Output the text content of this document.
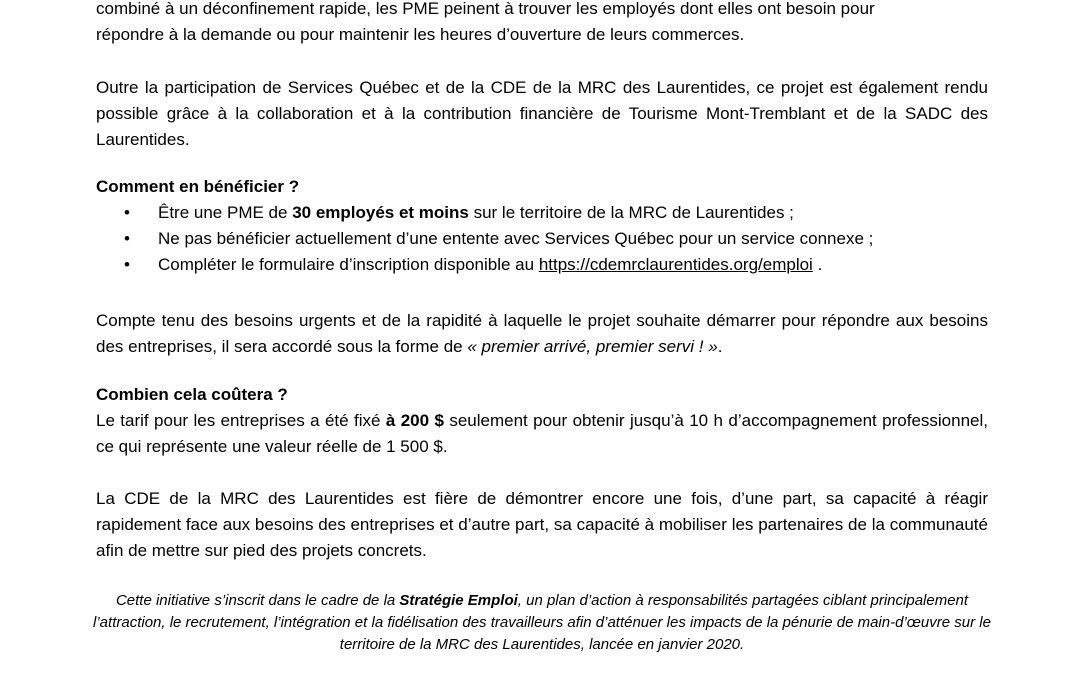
combiné à un déconfinement rapide, les PME peinent à trouver les employés dont elles ont besoin pour

répondre à la demande ou pour maintenir les heures d’ouverture de leurs commerces.

Outre la participation de Services Québec et de la CDE de la MRC des Laurentides, ce projet est également rendu possible grâce à la collaboration et à la contribution financière de Tourisme Mont-Tremblant et de la SADC des Laurentides.

Comment en bénéficier ?

• Être une PME de 30 employés et moins sur le territoire de la MRC de Laurentides ;
• Ne pas bénéficier actuellement d’une entente avec Services Québec pour un service connexe ;
• Compléter le formulaire d’inscription disponible au https://cdemrclaurentides.org/emploi .

Compte tenu des besoins urgents et de la rapidité à laquelle le projet souhaite démarrer pour répondre aux besoins des entreprises, il sera accordé sous la forme de « premier arrivé, premier servi ! ».

Combien cela coûtera ?

Le tarif pour les entreprises a été fixé à 200 $ seulement pour obtenir jusqu’à 10 h d’accompagnement professionnel, ce qui représente une valeur réelle de 1 500 $.

La CDE de la MRC des Laurentides est fière de démontrer encore une fois, d’une part, sa capacité à réagir rapidement face aux besoins des entreprises et d’autre part, sa capacité à mobiliser les partenaires de la communauté afin de mettre sur pied des projets concrets.

Cette initiative s’inscrit dans le cadre de la Stratégie Emploi, un plan d’action à responsabilités partagées ciblant principalement l’attraction, le recrutement, l’intégration et la fidélisation des travailleurs afin d’atténuer les impacts de la pénurie de main-d’œuvre sur le territoire de la MRC des Laurentides, lancée en janvier 2020.
